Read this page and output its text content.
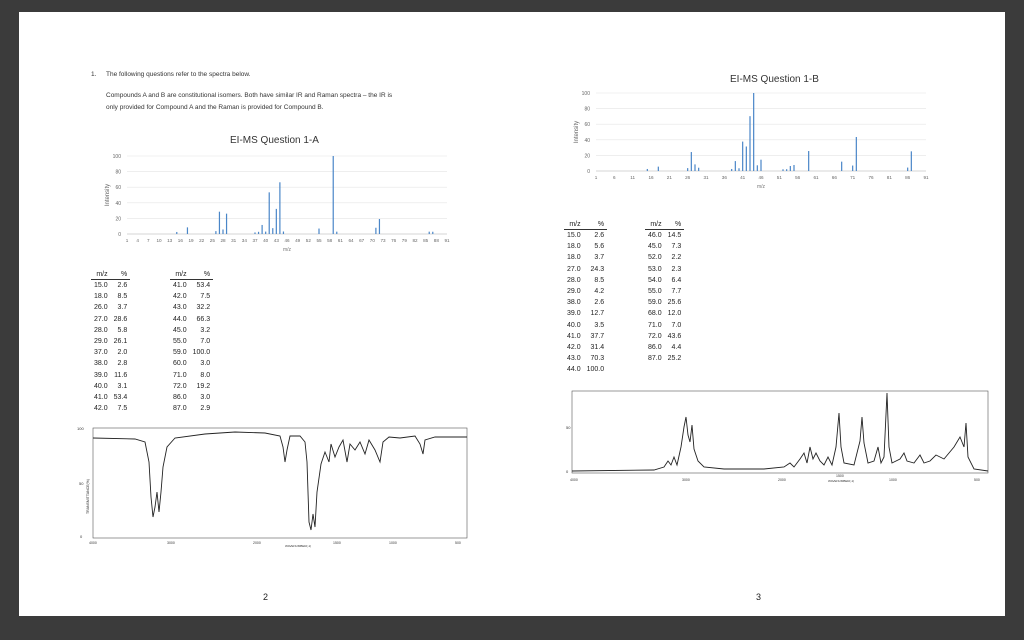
1. The following questions refer to the spectra below.
Compounds A and B are constitutional isomers. Both have similar IR and Raman spectra – the IR is
only provided for Compound A and the Raman is provided for Compound B.
EI-MS Question 1-A
0
20
40
60
80
100
1 4 7 10 13 16 19 22 25 28 31 34 37 40 43 46 49 52 55 58 61 64 67 70 73 76 79 82 85 88 91
m/z
Intensity
m/z	%
15.0	2.6
18.0	8.5
26.0	3.7
27.0	28.6
28.0	5.8
29.0	26.1
37.0	2.0
38.0	2.8
39.0	11.6
40.0	3.1
41.0	53.4
42.0	7.5
m/z	%
41.0	53.4
42.0	7.5
43.0	32.2
44.0	66.3
45.0	3.2
55.0	7.0
59.0	100.0
60.0	3.0
71.0	8.0
72.0	19.2
86.0	3.0
87.0	2.9
100
50
0
TRANSMITTANCE(%)
4000	3000	2000	1500	1000	500
WAVENUMBER(-1)
2
EI-MS Question 1-B
0
20
40
60
80
100
1	6	11	16	21	26	31	36	41	46	51	56	61	66	71	76	81	86	91
m/z
Intensity
m/z	%
15.0	2.6
18.0	5.6
18.0	3.7
27.0	24.3
28.0	8.5
29.0	4.2
38.0	2.6
39.0	12.7
40.0	3.5
41.0	37.7
42.0	31.4
43.0	70.3
44.0	100.0
m/z	%
46.0	14.5
45.0	7.3
52.0	2.2
53.0	2.3
54.0	6.4
55.0	7.7
59.0	25.6
68.0	12.0
71.0	7.0
72.0	43.6
86.0	4.4
87.0	25.2
50
0
4000	3000	2000
1500
WAVENUMBER(-1)	1000	500
3
